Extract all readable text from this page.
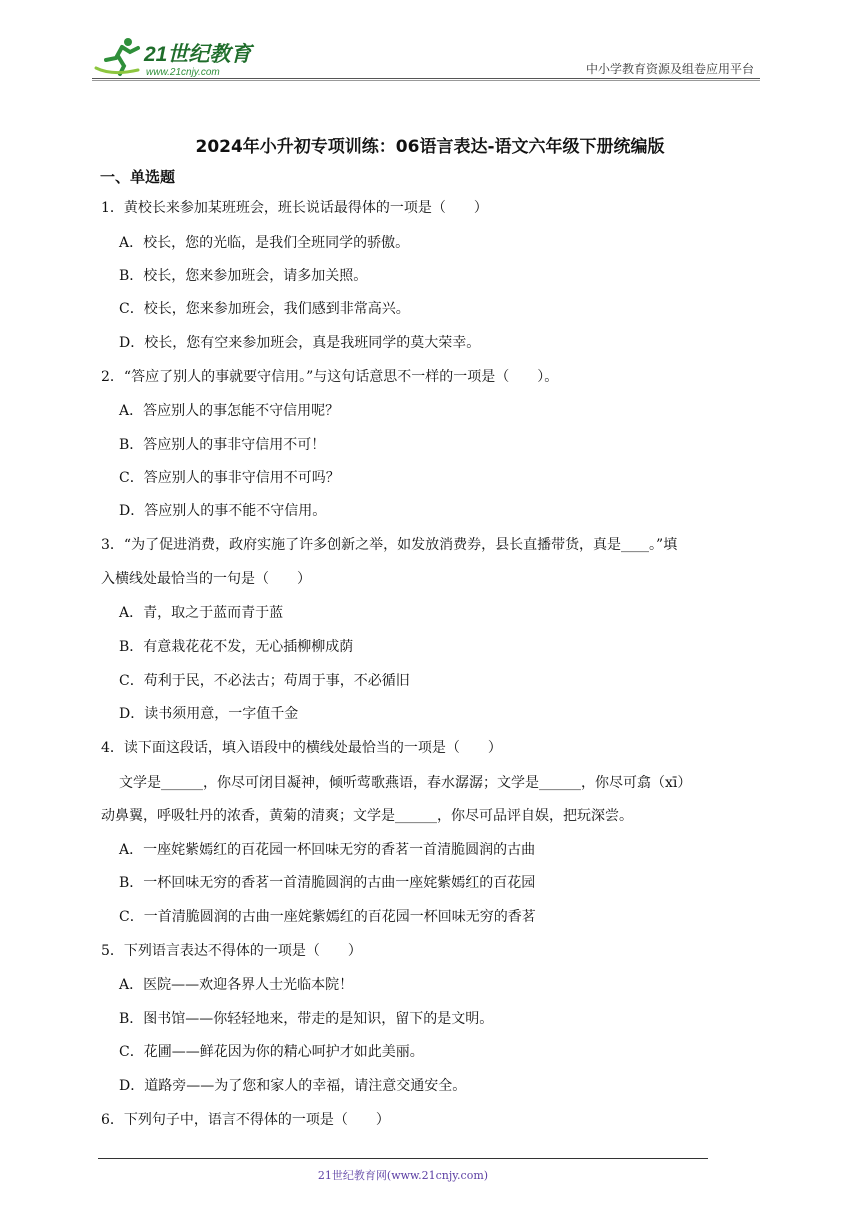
21世纪教育
www.21cnjy.com	中小学教育资源及组卷应用平台
2024年小升初专项训练：06语言表达-语文六年级下册统编版
一、单选题
1．黄校长来参加某班班会，班长说话最得体的一项是（　　）
A．校长，您的光临，是我们全班同学的骄傲。
B．校长，您来参加班会，请多加关照。
C．校长，您来参加班会，我们感到非常高兴。
D．校长，您有空来参加班会，真是我班同学的莫大荣幸。
2．“答应了别人的事就要守信用。”与这句话意思不一样的一项是（　　）。
A．答应别人的事怎能不守信用呢？
B．答应别人的事非守信用不可！
C．答应别人的事非守信用不可吗？
D．答应别人的事不能不守信用。
3．“为了促进消费，政府实施了许多创新之举，如发放消费券，县长直播带货，真是____。”填
入横线处最恰当的一句是（　　）
A．青，取之于蓝而青于蓝
B．有意栽花花不发，无心插柳柳成荫
C．苟利于民，不必法古；苟周于事，不必循旧
D．读书须用意，一字值千金
4．读下面这段话，填入语段中的横线处最恰当的一项是（　　）
文学是______，你尽可闭目凝神，倾听莺歌燕语，春水潺潺；文学是______，你尽可翕（xī）
动鼻翼，呼吸牡丹的浓香，黄菊的清爽；文学是______，你尽可品评自娱，把玩深尝。
A．一座姹紫嫣红的百花园一杯回味无穷的香茗一首清脆圆润的古曲
B．一杯回味无穷的香茗一首清脆圆润的古曲一座姹紫嫣红的百花园
C．一首清脆圆润的古曲一座姹紫嫣红的百花园一杯回味无穷的香茗
5．下列语言表达不得体的一项是（　　）
A．医院——欢迎各界人士光临本院！
B．图书馆——你轻轻地来，带走的是知识，留下的是文明。
C．花圃——鲜花因为你的精心呵护才如此美丽。
D．道路旁——为了您和家人的幸福，请注意交通安全。
6．下列句子中，语言不得体的一项是（　　）
21世纪教育网(www.21cnjy.com)
